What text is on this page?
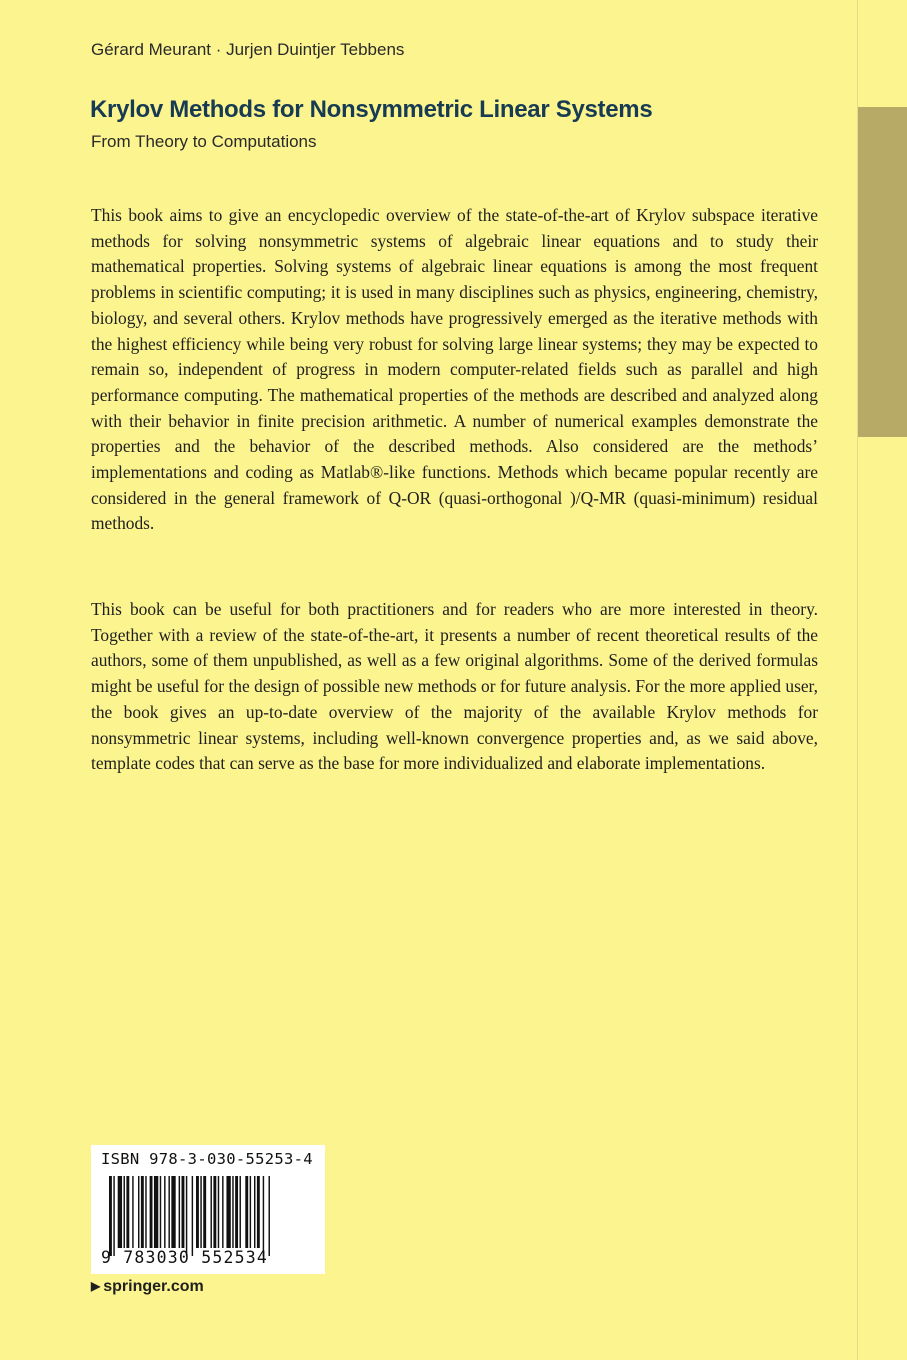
Gérard Meurant · Jurjen Duintjer Tebbens
Krylov Methods for Nonsymmetric Linear Systems
From Theory to Computations

This book aims to give an encyclopedic overview of the state-of-the-art of Krylov subspace iterative methods for solving nonsymmetric systems of algebraic linear equations and to study their mathematical properties. Solving systems of algebraic linear equations is among the most frequent problems in scientific computing; it is used in many disciplines such as physics, engineering, chemistry, biology, and several others. Krylov methods have progressively emerged as the iterative methods with the highest efficiency while being very robust for solving large linear systems; they may be expected to remain so, independent of progress in modern computer-related fields such as parallel and high performance computing. The mathematical properties of the methods are described and analyzed along with their behavior in finite precision arithmetic. A number of numerical examples demonstrate the properties and the behavior of the described methods. Also considered are the methods’ implementations and coding as Matlab®-like functions. Methods which became popular recently are considered in the general framework of Q-OR (quasi-orthogonal )/Q-MR (quasi-minimum) residual methods.

This book can be useful for both practitioners and for readers who are more interested in theory. Together with a review of the state-of-the-art, it presents a number of recent theoretical results of the authors, some of them unpublished, as well as a few original algorithms. Some of the derived formulas might be useful for the design of possible new methods or for future analysis. For the more applied user, the book gives an up-to-date overview of the majority of the available Krylov methods for nonsymmetric linear systems, including well-known convergence properties and, as we said above, template codes that can serve as the base for more individualized and elaborate implementations.

ISBN 978-3-030-55253-4
9 783030 552534
▶ springer.com
